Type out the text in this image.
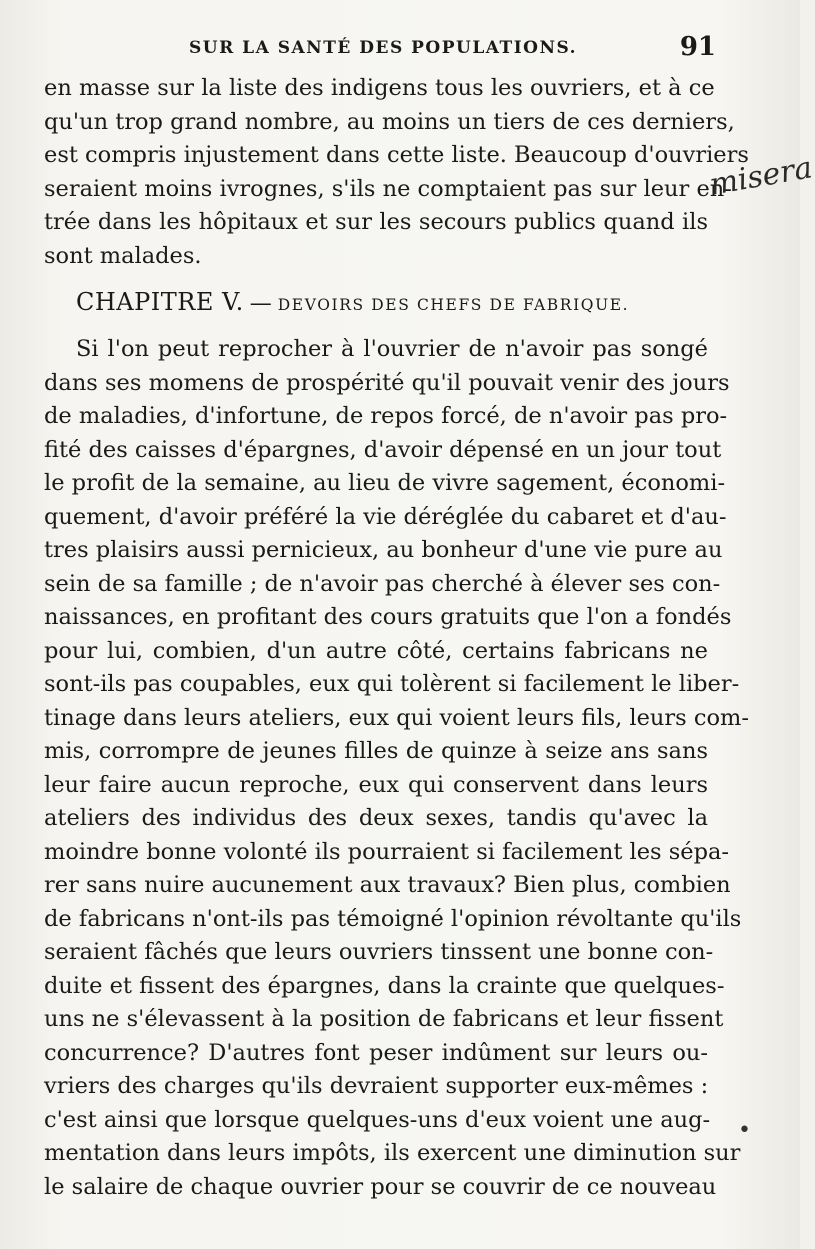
SUR LA SANTÉ DES POPULATIONS.	91
en masse sur la liste des indigens tous les ouvriers, et à ce
qu'un trop grand nombre, au moins un tiers de ces derniers,
est compris injustement dans cette liste. Beaucoup d'ouvriers
seraient moins ivrognes, s'ils ne comptaient pas sur leur en-
trée dans les hôpitaux et sur les secours publics quand ils
sont malades.
CHAPITRE V. — DEVOIRS DES CHEFS DE FABRIQUE.
Si l'on peut reprocher à l'ouvrier de n'avoir pas songé
dans ses momens de prospérité qu'il pouvait venir des jours
de maladies, d'infortune, de repos forcé, de n'avoir pas pro-
fité des caisses d'épargnes, d'avoir dépensé en un jour tout
le profit de la semaine, au lieu de vivre sagement, économi-
quement, d'avoir préféré la vie déréglée du cabaret et d'au-
tres plaisirs aussi pernicieux, au bonheur d'une vie pure au
sein de sa famille ; de n'avoir pas cherché à élever ses con-
naissances, en profitant des cours gratuits que l'on a fondés
pour lui, combien, d'un autre côté, certains fabricans ne
sont-ils pas coupables, eux qui tolèrent si facilement le liber-
tinage dans leurs ateliers, eux qui voient leurs fils, leurs com-
mis, corrompre de jeunes filles de quinze à seize ans sans
leur faire aucun reproche, eux qui conservent dans leurs
ateliers des individus des deux sexes, tandis qu'avec la
moindre bonne volonté ils pourraient si facilement les sépa-
rer sans nuire aucunement aux travaux? Bien plus, combien
de fabricans n'ont-ils pas témoigné l'opinion révoltante qu'ils
seraient fâchés que leurs ouvriers tinssent une bonne con-
duite et fissent des épargnes, dans la crainte que quelques-
uns ne s'élevassent à la position de fabricans et leur fissent
concurrence? D'autres font peser indûment sur leurs ou-
vriers des charges qu'ils devraient supporter eux-mêmes :
c'est ainsi que lorsque quelques-uns d'eux voient une aug-
mentation dans leurs impôts, ils exercent une diminution sur
le salaire de chaque ouvrier pour se couvrir de ce nouveau
misera
•
